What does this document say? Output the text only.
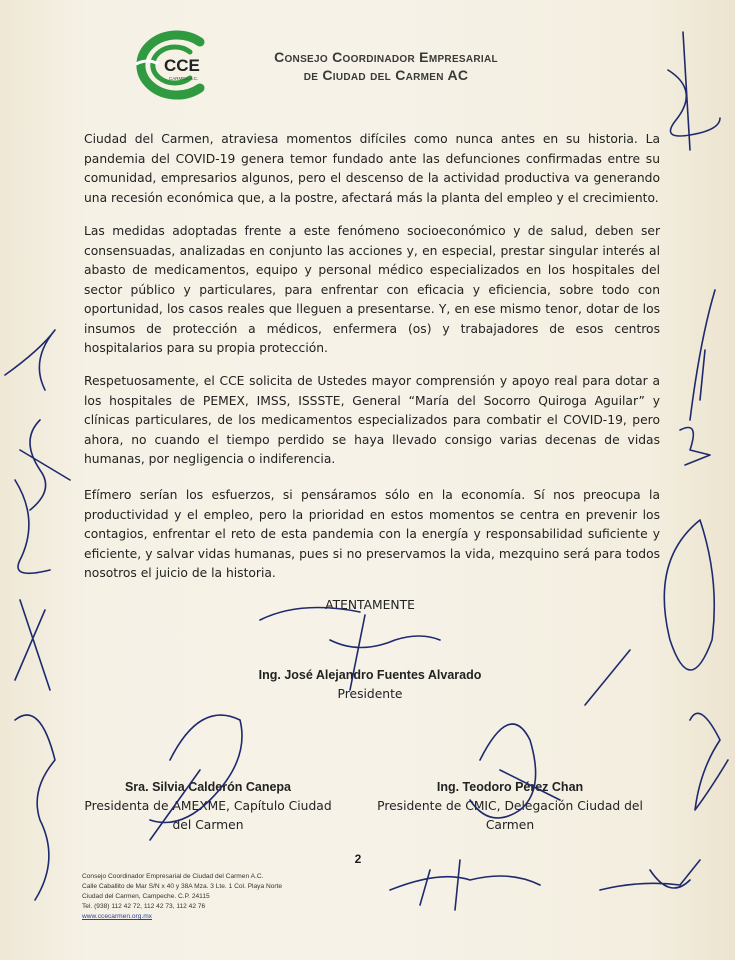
CCE
CARMEN A.C.
Consejo Coordinador Empresarial
de Ciudad del Carmen AC
Ciudad del Carmen, atraviesa momentos difíciles como nunca antes en su historia. La pandemia del COVID-19 genera temor fundado ante las defunciones confirmadas entre su comunidad, empresarios algunos, pero el descenso de la actividad productiva va generando una recesión económica que, a la postre, afectará más la planta del empleo y el crecimiento.
Las medidas adoptadas frente a este fenómeno socioeconómico y de salud, deben ser consensuadas, analizadas en conjunto las acciones y, en especial, prestar singular interés al abasto de medicamentos, equipo y personal médico especializados en los hospitales del sector público y particulares, para enfrentar con eficacia y eficiencia, sobre todo con oportunidad, los casos reales que lleguen a presentarse. Y, en ese mismo tenor, dotar de los insumos de protección a médicos, enfermera (os) y trabajadores de esos centros hospitalarios para su propia protección.
Respetuosamente, el CCE solicita de Ustedes mayor comprensión y apoyo real para dotar a los hospitales de PEMEX, IMSS, ISSSTE, General “María del Socorro Quiroga Aguilar” y clínicas particulares, de los medicamentos especializados para combatir el COVID-19, pero ahora, no cuando el tiempo perdido se haya llevado consigo varias decenas de vidas humanas, por negligencia o indiferencia.
Efímero serían los esfuerzos, si pensáramos sólo en la economía. Sí nos preocupa la productividad y el empleo, pero la prioridad en estos momentos se centra en prevenir los contagios, enfrentar el reto de esta pandemia con la energía y responsabilidad suficiente y eficiente, y salvar vidas humanas, pues si no preservamos la vida, mezquino será para todos nosotros el juicio de la historia.
ATENTAMENTE
Ing. José Alejandro Fuentes Alvarado
Presidente
Sra. Silvia Calderón Canepa
Presidenta de AMEXME, Capítulo Ciudad del Carmen
Ing. Teodoro Pérez Chan
Presidente de CMIC, Delegación Ciudad del Carmen
2
Consejo Coordinador Empresarial de Ciudad del Carmen A.C.
Calle Caballito de Mar S/N x 40 y 38A Mza. 3 Lte. 1 Col. Playa Norte
Ciudad del Carmen, Campeche. C.P. 24115
Tel. (938) 112 42 72, 112 42 73, 112 42 76
www.ccecarmen.org.mx
